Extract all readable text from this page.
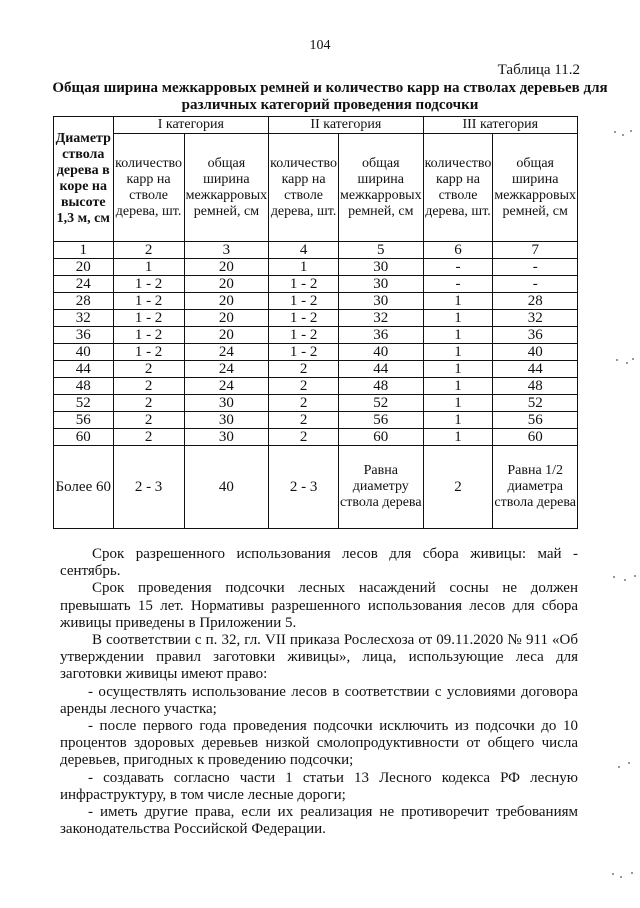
104
Таблица 11.2
Общая ширина межкарровых ремней и количество карр на стволах деревьев для различных категорий проведения подсочки
Диаметр ствола дерева в коре на высоте 1,3 м, см	I категория		II категория		III категория	
	количество карр на стволе дерева, шт.	общая ширина межкарровых ремней, см	количество карр на стволе дерева, шт.	общая ширина межкарровых ремней, см	количество карр на стволе дерева, шт.	общая ширина межкарровых ремней, см
1	2	3	4	5	6	7
20	1	20	1	30	-	-
24	1 - 2	20	1 - 2	30	-	-
28	1 - 2	20	1 - 2	30	1	28
32	1 - 2	20	1 - 2	32	1	32
36	1 - 2	20	1 - 2	36	1	36
40	1 - 2	24	1 - 2	40	1	40
44	2	24	2	44	1	44
48	2	24	2	48	1	48
52	2	30	2	52	1	52
56	2	30	2	56	1	56
60	2	30	2	60	1	60
Более 60	2 - 3	40	2 - 3	Равна диаметру ствола дерева	2	Равна 1/2 диаметра ствола дерева

Срок разрешенного использования лесов для сбора живицы: май - сентябрь.

Срок проведения подсочки лесных насаждений сосны не должен превышать 15 лет. Нормативы разрешенного использования лесов для сбора живицы приведены в Приложении 5.

В соответствии с п. 32, гл. VII приказа Рослесхоза от 09.11.2020 № 911 «Об утверждении правил заготовки живицы», лица, использующие леса для заготовки живицы имеют право:

- осуществлять использование лесов в соответствии с условиями договора аренды лесного участка;

- после первого года проведения подсочки исключить из подсочки до 10 процентов здоровых деревьев низкой смолопродуктивности от общего числа деревьев, пригодных к проведению подсочки;

- создавать согласно части 1 статьи 13 Лесного кодекса РФ лесную инфраструктуру, в том числе лесные дороги;

- иметь другие права, если их реализация не противоречит требованиям законодательства Российской Федерации.
